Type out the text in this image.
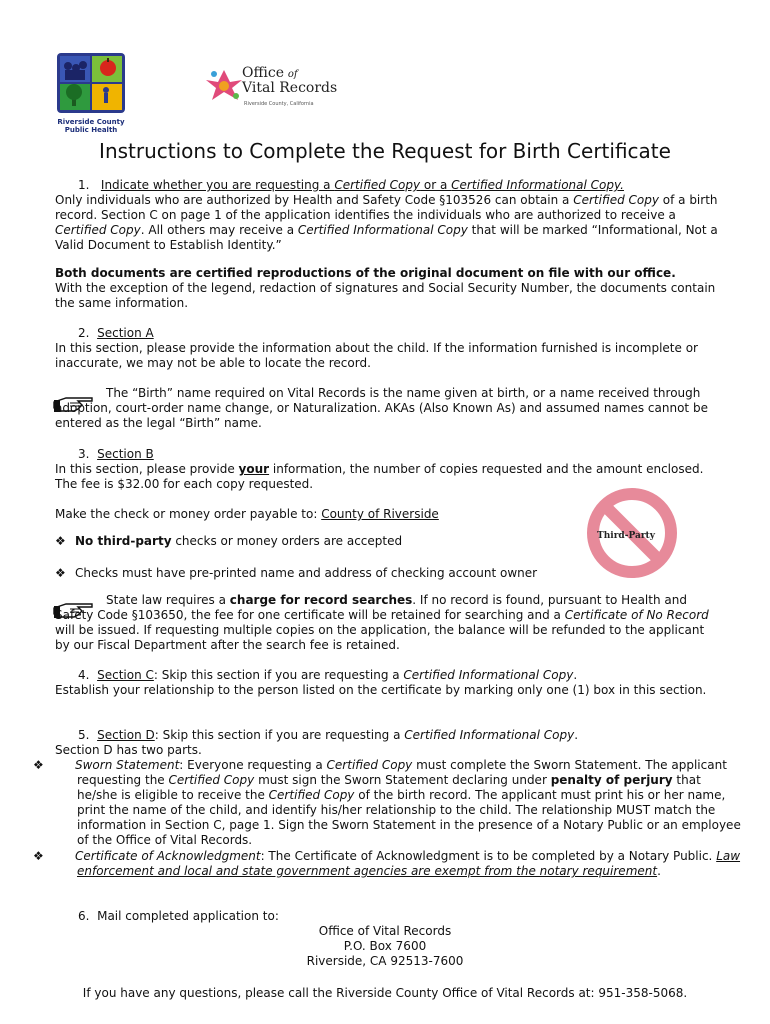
Riverside County
Public Health
Office of
Vital Records
Riverside County, California
Instructions to Complete the Request for Birth Certificate
1. Indicate whether you are requesting a Certified Copy or a Certified Informational Copy.

Only individuals who are authorized by Health and Safety Code §103526 can obtain a Certified Copy of a birth record. Section C on page 1 of the application identifies the individuals who are authorized to receive a Certified Copy. All others may receive a Certified Informational Copy that will be marked “Informational, Not a Valid Document to Establish Identity.”

Both documents are certified reproductions of the original document on file with our office.

With the exception of the legend, redaction of signatures and Social Security Number, the documents contain the same information.

2. Section A

In this section, please provide the information about the child. If the information furnished is incomplete or inaccurate, we may not be able to locate the record.

The “Birth” name required on Vital Records is the name given at birth, or a name received through adoption, court-order name change, or Naturalization. AKAs (Also Known As) and assumed names cannot be entered as the legal “Birth” name.

3. Section B

In this section, please provide your information, the number of copies requested and the amount enclosed. The fee is $32.00 for each copy requested.

Make the check or money order payable to: County of Riverside

❖ No third-party checks or money orders are accepted
❖ Checks must have pre-printed name and address of checking account owner
Third-Party

State law requires a charge for record searches. If no record is found, pursuant to Health and Safety Code §103650, the fee for one certificate will be retained for searching and a Certificate of No Record will be issued. If requesting multiple copies on the application, the balance will be refunded to the applicant by our Fiscal Department after the search fee is retained.

4. Section C: Skip this section if you are requesting a Certified Informational Copy.

Establish your relationship to the person listed on the certificate by marking only one (1) box in this section.

5. Section D: Skip this section if you are requesting a Certified Informational Copy.

Section D has two parts.

❖	Sworn Statement: Everyone requesting a Certified Copy must complete the Sworn Statement. The applicant requesting the Certified Copy must sign the Sworn Statement declaring under penalty of perjury that he/she is eligible to receive the Certified Copy of the birth record. The applicant must print his or her name, print the name of the child, and identify his/her relationship to the child. The relationship MUST match the information in Section C, page 1. Sign the Sworn Statement in the presence of a Notary Public or an employee of the Office of Vital Records.

❖	Certificate of Acknowledgment: The Certificate of Acknowledgment is to be completed by a Notary Public. Law enforcement and local and state government agencies are exempt from the notary requirement.

6. Mail completed application to:
Office of Vital Records
P.O. Box 7600
Riverside, CA 92513-7600
If you have any questions, please call the Riverside County Office of Vital Records at: 951-358-5068.
